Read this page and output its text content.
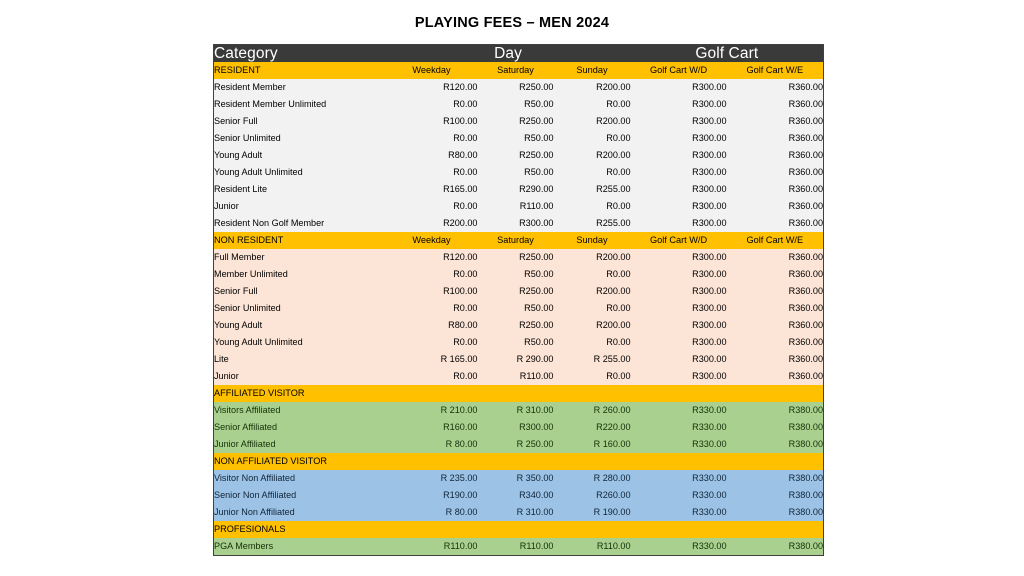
PLAYING FEES – MEN 2024
Category	Day			Golf Cart	
RESIDENT	Weekday	Saturday	Sunday	Golf Cart W/D	Golf Cart W/E
Resident Member	R120.00	R250.00	R200.00	R300.00	R360.00
Resident Member Unlimited	R0.00	R50.00	R0.00	R300.00	R360.00
Senior Full	R100.00	R250.00	R200.00	R300.00	R360.00
Senior Unlimited	R0.00	R50.00	R0.00	R300.00	R360.00
Young Adult	R80.00	R250.00	R200.00	R300.00	R360.00
Young Adult Unlimited	R0.00	R50.00	R0.00	R300.00	R360.00
Resident Lite	R165.00	R290.00	R255.00	R300.00	R360.00
Junior	R0.00	R110.00	R0.00	R300.00	R360.00
Resident Non Golf Member	R200.00	R300.00	R255.00	R300.00	R360.00
NON RESIDENT	Weekday	Saturday	Sunday	Golf Cart W/D	Golf Cart W/E
Full Member	R120.00	R250.00	R200.00	R300.00	R360.00
Member Unlimited	R0.00	R50.00	R0.00	R300.00	R360.00
Senior Full	R100.00	R250.00	R200.00	R300.00	R360.00
Senior Unlimited	R0.00	R50.00	R0.00	R300.00	R360.00
Young Adult	R80.00	R250.00	R200.00	R300.00	R360.00
Young Adult Unlimited	R0.00	R50.00	R0.00	R300.00	R360.00
Lite	R 165.00	R 290.00	R 255.00	R300.00	R360.00
Junior	R0.00	R110.00	R0.00	R300.00	R360.00
AFFILIATED VISITOR					
Visitors Affiliated	R 210.00	R 310.00	R 260.00	R330.00	R380.00
Senior Affiliated	R160.00	R300.00	R220.00	R330.00	R380.00
Junior Affiliated	R 80.00	R 250.00	R 160.00	R330.00	R380.00
NON AFFILIATED VISITOR					
Visitor Non Affiliated	R 235.00	R 350.00	R 280.00	R330.00	R380.00
Senior Non Affiliated	R190.00	R340.00	R260.00	R330.00	R380.00
Junior Non Affiliated	R 80.00	R 310.00	R 190.00	R330.00	R380.00
PROFESIONALS					
PGA Members	R110.00	R110.00	R110.00	R330.00	R380.00
